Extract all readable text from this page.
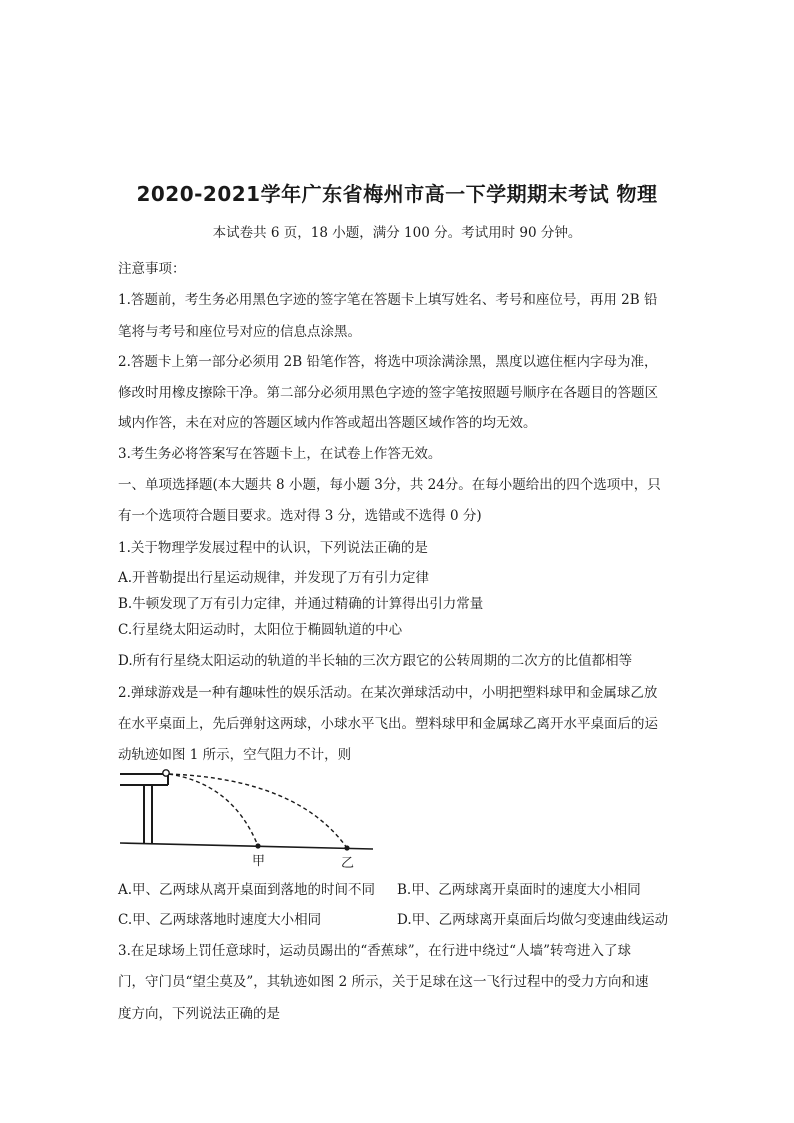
2020-2021学年广东省梅州市高一下学期期末考试 物理
本试卷共 6 页，18 小题，满分 100 分。考试用时 90 分钟。
注意事项：
1.答题前，考生务必用黑色字迹的签字笔在答题卡上填写姓名、考号和座位号，再用 2B 铅
笔将与考号和座位号对应的信息点涂黑。
2.答题卡上第一部分必须用 2B 铅笔作答，将选中项涂满涂黑，黑度以遮住框内字母为准，
修改时用橡皮擦除干净。第二部分必须用黑色字迹的签字笔按照题号顺序在各题目的答题区
域内作答，未在对应的答题区域内作答或超出答题区域作答的均无效。
3.考生务必将答案写在答题卡上，在试卷上作答无效。
一、单项选择题(本大题共 8 小题，每小题 3分，共 24分。在每小题给出的四个选项中，只
有一个选项符合题目要求。选对得 3 分，选错或不选得 0 分)
1.关于物理学发展过程中的认识，下列说法正确的是
A.开普勒提出行星运动规律，并发现了万有引力定律
B.牛顿发现了万有引力定律，并通过精确的计算得出引力常量
C.行星绕太阳运动时，太阳位于椭圆轨道的中心
D.所有行星绕太阳运动的轨道的半长轴的三次方跟它的公转周期的二次方的比值都相等
2.弹球游戏是一种有趣味性的娱乐活动。在某次弹球活动中，小明把塑料球甲和金属球乙放
在水平桌面上，先后弹射这两球，小球水平飞出。塑料球甲和金属球乙离开水平桌面后的运
动轨迹如图 1 所示，空气阻力不计，则
甲	乙
A.甲、乙两球从离开桌面到落地的时间不同 B.甲、乙两球离开桌面时的速度大小相同
C.甲、乙两球落地时速度大小相同	D.甲、乙两球离开桌面后均做匀变速曲线运动
3.在足球场上罚任意球时，运动员踢出的“香蕉球”，在行进中绕过“人墙”转弯进入了球
门，守门员“望尘莫及”，其轨迹如图 2 所示，关于足球在这一飞行过程中的受力方向和速
度方向，下列说法正确的是
